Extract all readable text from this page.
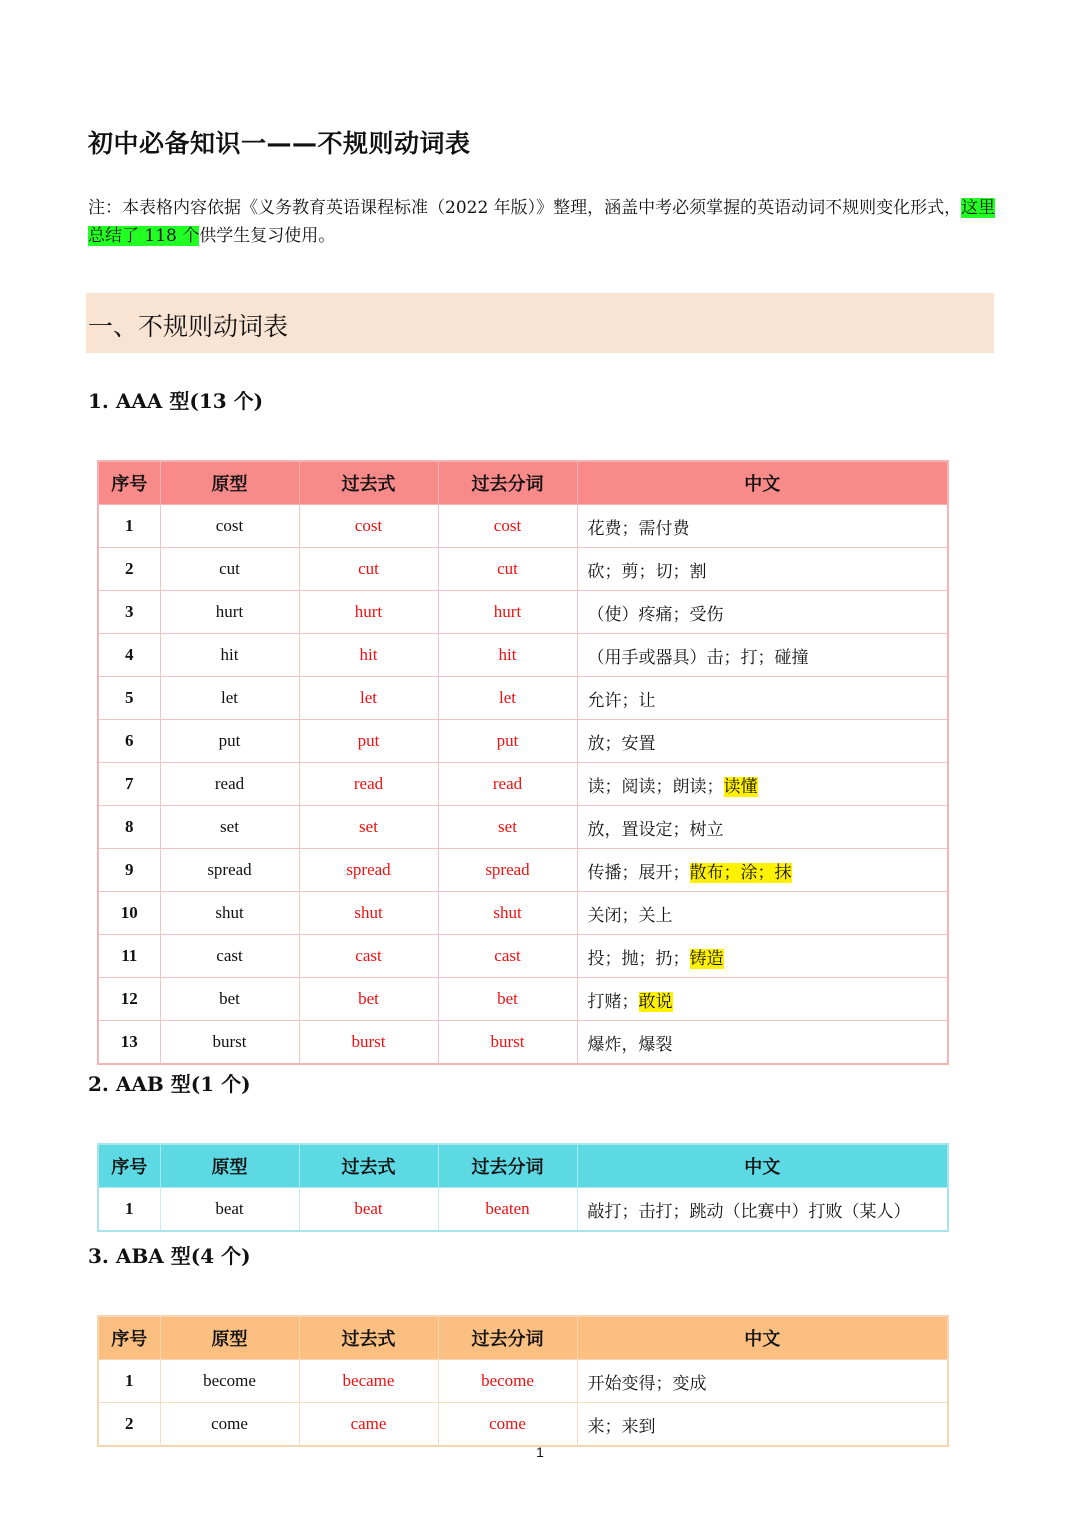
初中必备知识一——不规则动词表
注：本表格内容依据《义务教育英语课程标准（2022 年版）》整理，涵盖中考必须掌握的英语动词不规则变化形式，这里总结了 118 个供学生复习使用。
一、不规则动词表
1. AAA 型(13 个)
序号	原型	过去式	过去分词	中文
1	cost	cost	cost	花费；需付费
2	cut	cut	cut	砍；剪；切；割
3	hurt	hurt	hurt	（使）疼痛；受伤
4	hit	hit	hit	（用手或器具）击；打；碰撞
5	let	let	let	允许；让
6	put	put	put	放；安置
7	read	read	read	读；阅读；朗读；读懂
8	set	set	set	放，置设定；树立
9	spread	spread	spread	传播；展开；散布；涂；抹
10	shut	shut	shut	关闭；关上
11	cast	cast	cast	投；抛；扔；铸造
12	bet	bet	bet	打赌；敢说
13	burst	burst	burst	爆炸，爆裂
2. AAB 型(1 个)
序号	原型	过去式	过去分词	中文
1	beat	beat	beaten	敲打；击打；跳动（比赛中）打败（某人）
3. ABA 型(4 个)
序号	原型	过去式	过去分词	中文
1	become	became	become	开始变得；变成
2	come	came	come	来；来到
1
